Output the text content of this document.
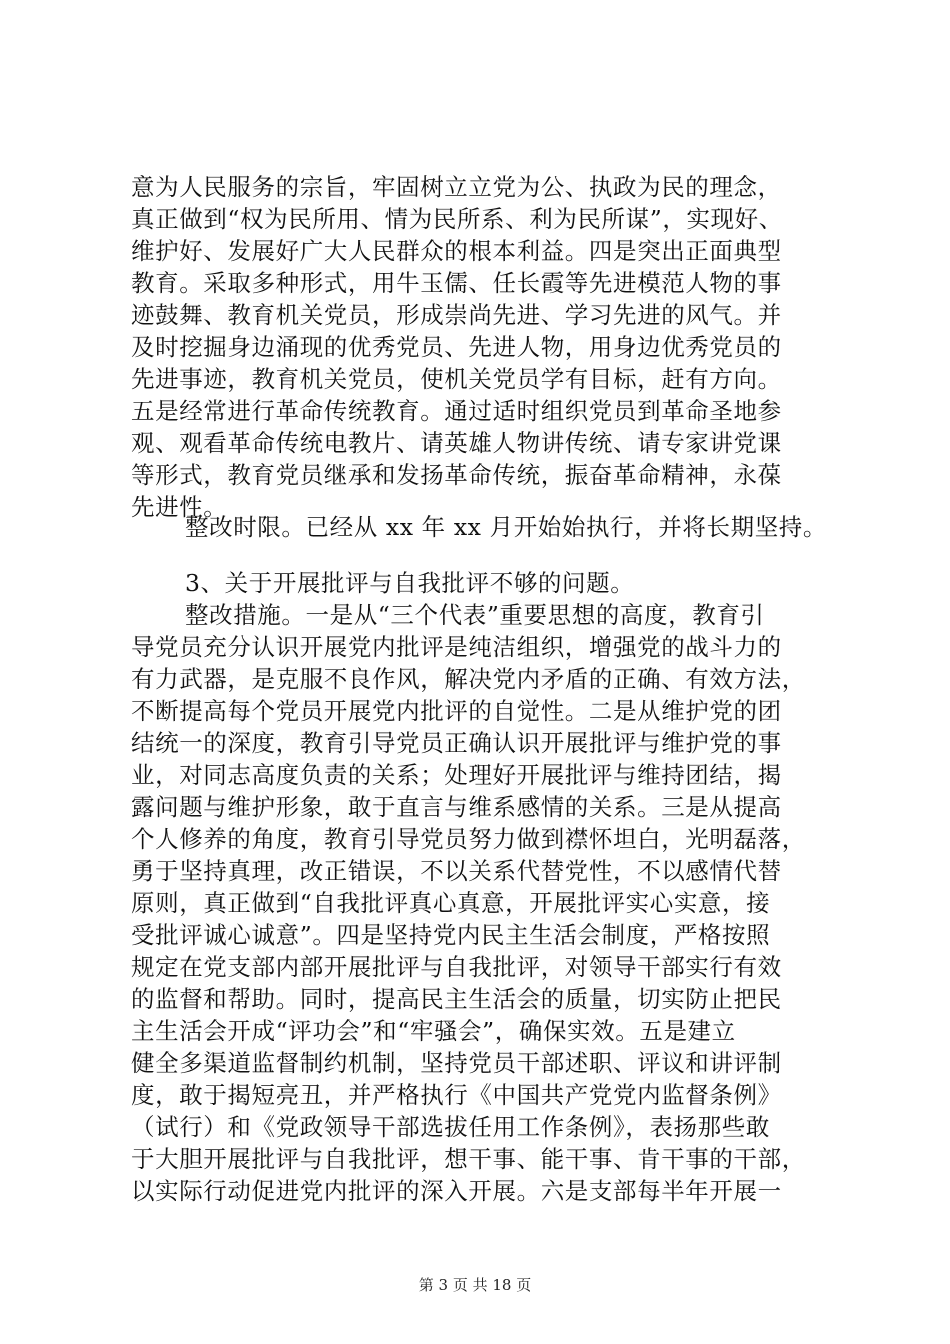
意为人民服务的宗旨，牢固树立立党为公、执政为民的理念，
真正做到“权为民所用、情为民所系、利为民所谋”，实现好、
维护好、发展好广大人民群众的根本利益。四是突出正面典型
教育。采取多种形式，用牛玉儒、任长霞等先进模范人物的事
迹鼓舞、教育机关党员，形成崇尚先进、学习先进的风气。并
及时挖掘身边涌现的优秀党员、先进人物，用身边优秀党员的
先进事迹，教育机关党员，使机关党员学有目标，赶有方向。
五是经常进行革命传统教育。通过适时组织党员到革命圣地参
观、观看革命传统电教片、请英雄人物讲传统、请专家讲党课
等形式，教育党员继承和发扬革命传统，振奋革命精神，永葆
先进性。
整改时限。已经从 xx 年 xx 月开始始执行，并将长期坚持。
3、关于开展批评与自我批评不够的问题。
整改措施。一是从“三个代表”重要思想的高度，教育引
导党员充分认识开展党内批评是纯洁组织，增强党的战斗力的
有力武器，是克服不良作风，解决党内矛盾的正确、有效方法，
不断提高每个党员开展党内批评的自觉性。二是从维护党的团
结统一的深度，教育引导党员正确认识开展批评与维护党的事
业，对同志高度负责的关系；处理好开展批评与维持团结，揭
露问题与维护形象，敢于直言与维系感情的关系。三是从提高
个人修养的角度，教育引导党员努力做到襟怀坦白，光明磊落，
勇于坚持真理，改正错误，不以关系代替党性，不以感情代替
原则，真正做到“自我批评真心真意，开展批评实心实意，接
受批评诚心诚意”。四是坚持党内民主生活会制度，严格按照
规定在党支部内部开展批评与自我批评，对领导干部实行有效
的监督和帮助。同时，提高民主生活会的质量，切实防止把民
主生活会开成“评功会”和“牢骚会”，确保实效。五是建立
健全多渠道监督制约机制，坚持党员干部述职、评议和讲评制
度，敢于揭短亮丑，并严格执行《中国共产党党内监督条例》
（试行）和《党政领导干部选拔任用工作条例》，表扬那些敢
于大胆开展批评与自我批评，想干事、能干事、肯干事的干部，
以实际行动促进党内批评的深入开展。六是支部每半年开展一
第 3 页 共 18 页
